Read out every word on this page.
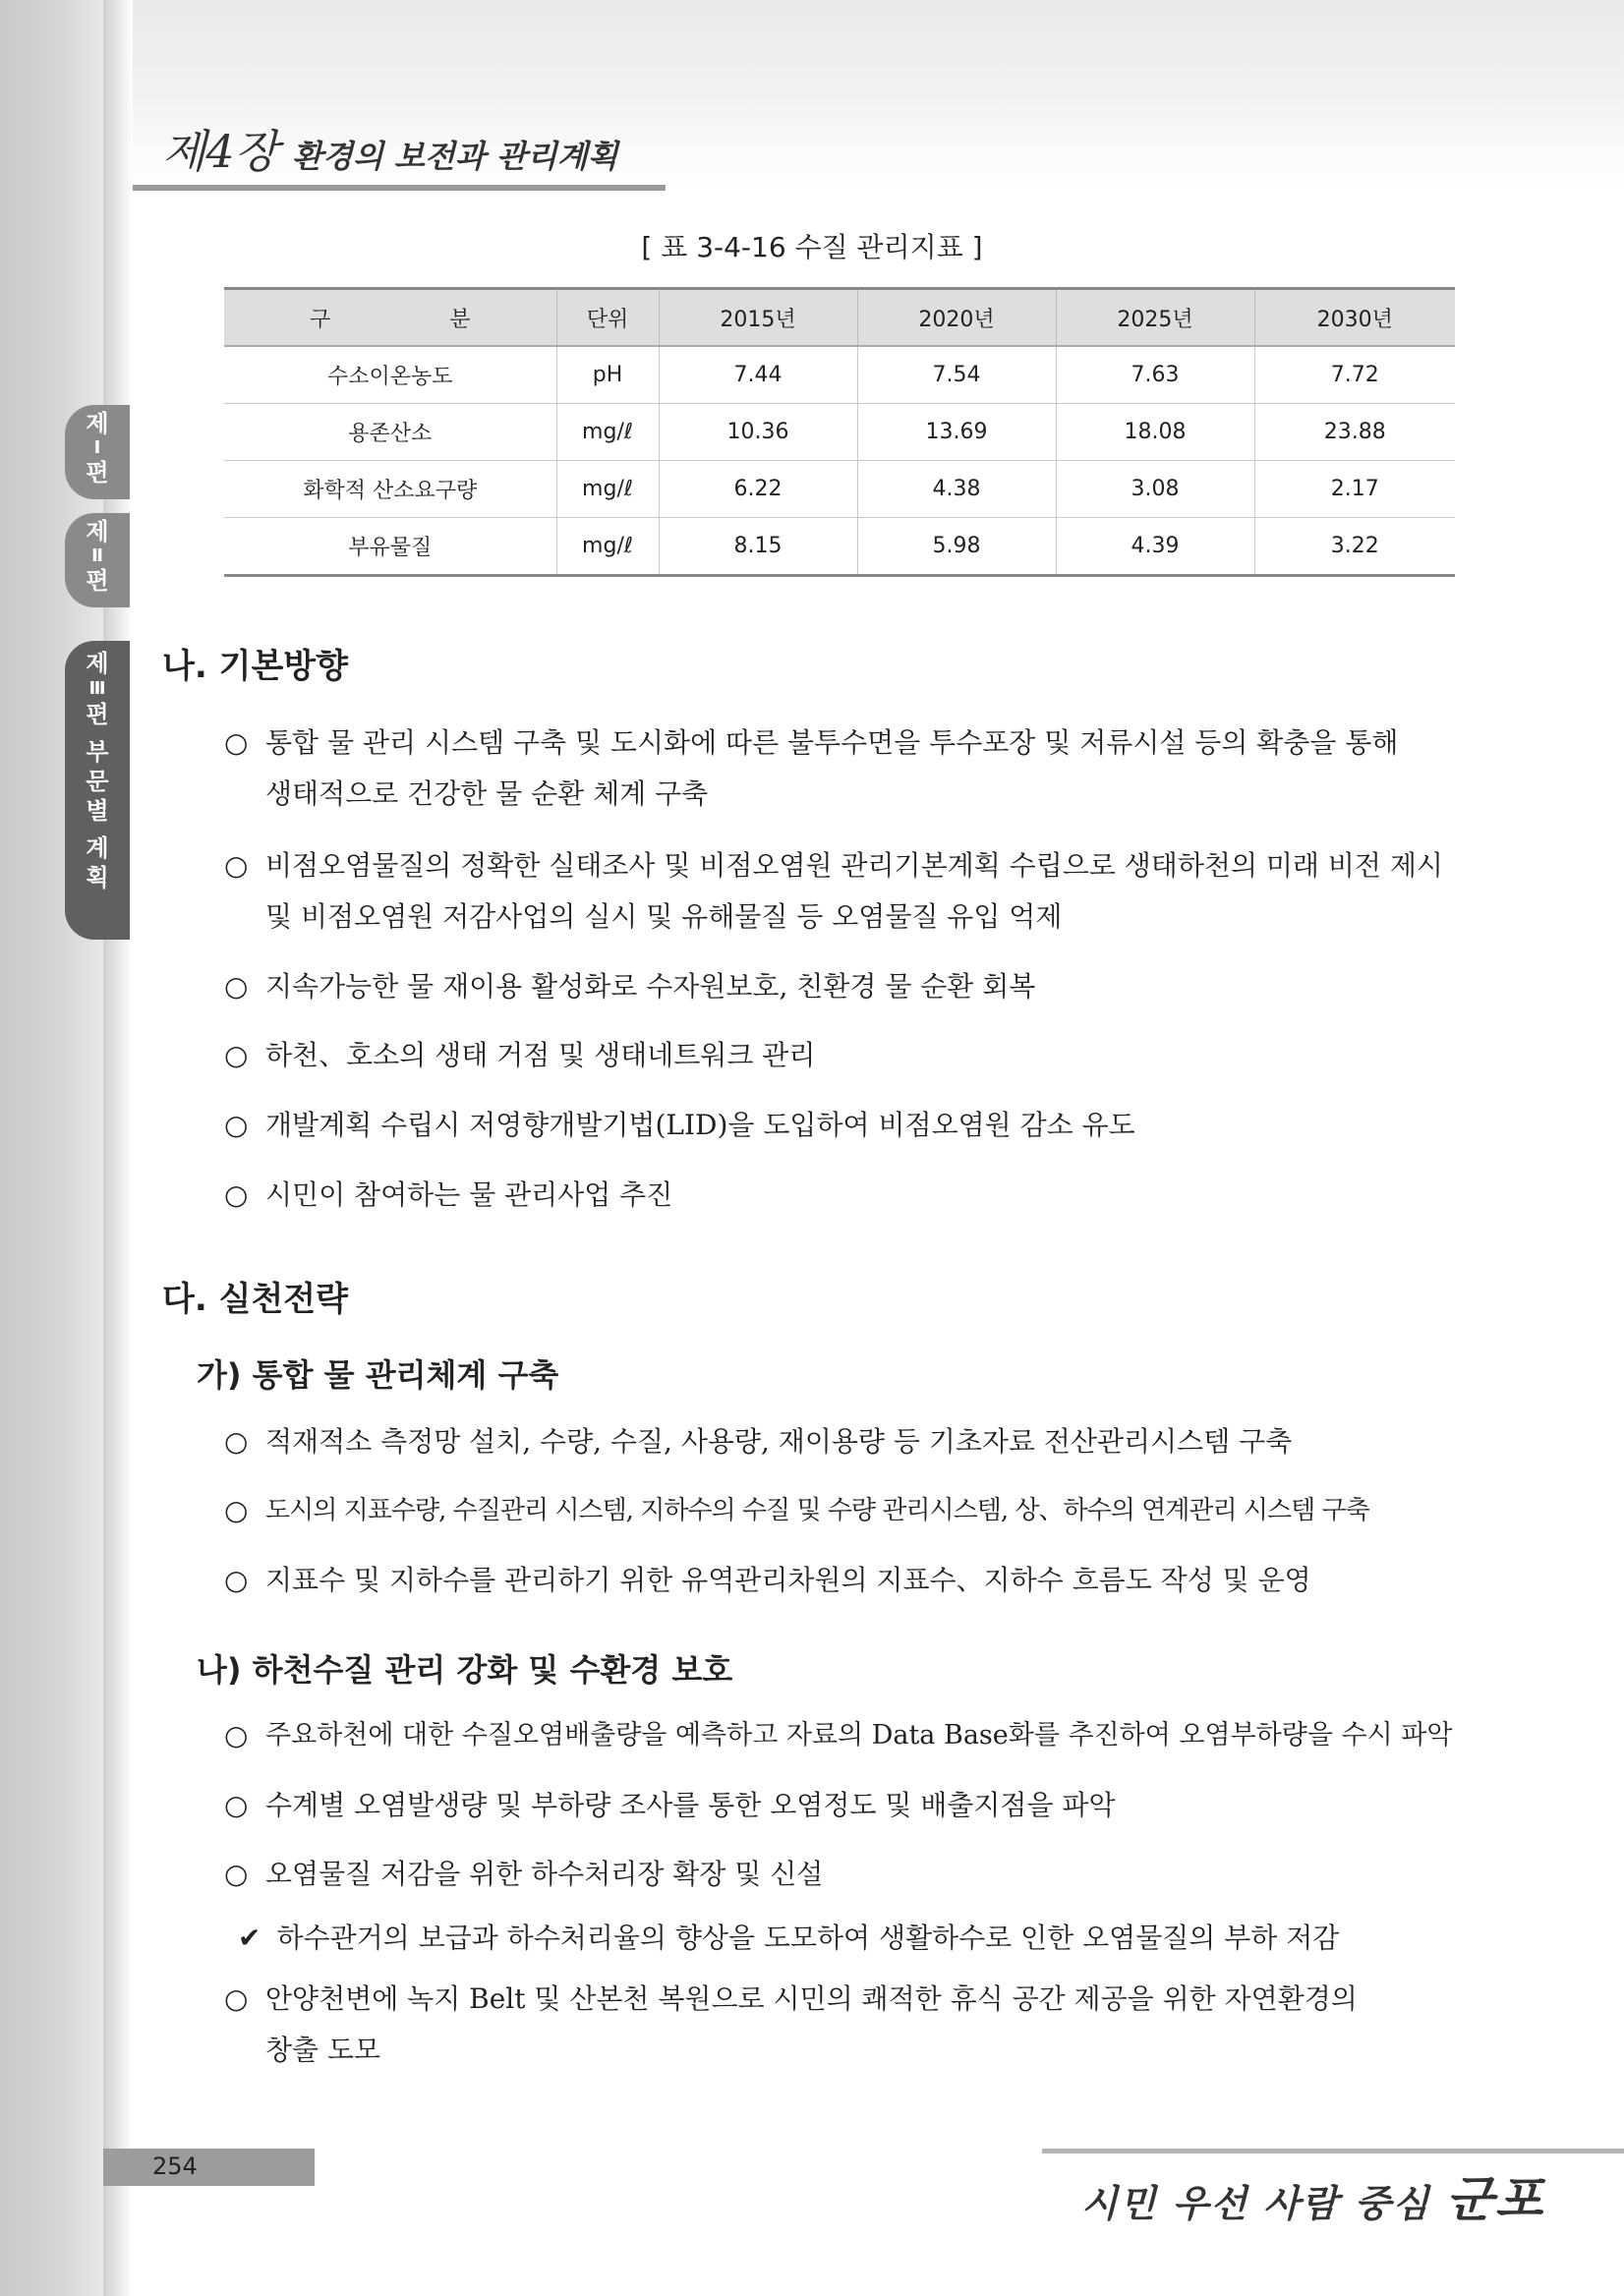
제4장 환경의 보전과 관리계획
제
Ⅰ
편
제
Ⅱ
편
제
Ⅲ
편
부
문
별
계
획
[ 표 3-4-16 수질 관리지표 ]
구 분	단위	2015년	2020년	2025년	2030년
수소이온농도	pH	7.44	7.54	7.63	7.72
용존산소	mg/ℓ	10.36	13.69	18.08	23.88
화학적 산소요구량	mg/ℓ	6.22	4.38	3.08	2.17
부유물질	mg/ℓ	8.15	5.98	4.39	3.22
나. 기본방향
○ 통합 물 관리 시스템 구축 및 도시화에 따른 불투수면을 투수포장 및 저류시설 등의 확충을 통해
생태적으로 건강한 물 순환 체계 구축
○ 비점오염물질의 정확한 실태조사 및 비점오염원 관리기본계획 수립으로 생태하천의 미래 비전 제시
및 비점오염원 저감사업의 실시 및 유해물질 등 오염물질 유입 억제
○ 지속가능한 물 재이용 활성화로 수자원보호, 친환경 물 순환 회복
○ 하천、호소의 생태 거점 및 생태네트워크 관리
○ 개발계획 수립시 저영향개발기법(LID)을 도입하여 비점오염원 감소 유도
○ 시민이 참여하는 물 관리사업 추진
다. 실천전략
가) 통합 물 관리체계 구축
○ 적재적소 측정망 설치, 수량, 수질, 사용량, 재이용량 등 기초자료 전산관리시스템 구축
○ 도시의 지표수량, 수질관리 시스템, 지하수의 수질 및 수량 관리시스템, 상、하수의 연계관리 시스템 구축
○ 지표수 및 지하수를 관리하기 위한 유역관리차원의 지표수、지하수 흐름도 작성 및 운영
나) 하천수질 관리 강화 및 수환경 보호
○ 주요하천에 대한 수질오염배출량을 예측하고 자료의 Data Base화를 추진하여 오염부하량을 수시 파악
○ 수계별 오염발생량 및 부하량 조사를 통한 오염정도 및 배출지점을 파악
○ 오염물질 저감을 위한 하수처리장 확장 및 신설
✔ 하수관거의 보급과 하수처리율의 향상을 도모하여 생활하수로 인한 오염물질의 부하 저감
○ 안양천변에 녹지 Belt 및 산본천 복원으로 시민의 쾌적한 휴식 공간 제공을 위한 자연환경의
창출 도모
254
시민 우선 사람 중심 군포
